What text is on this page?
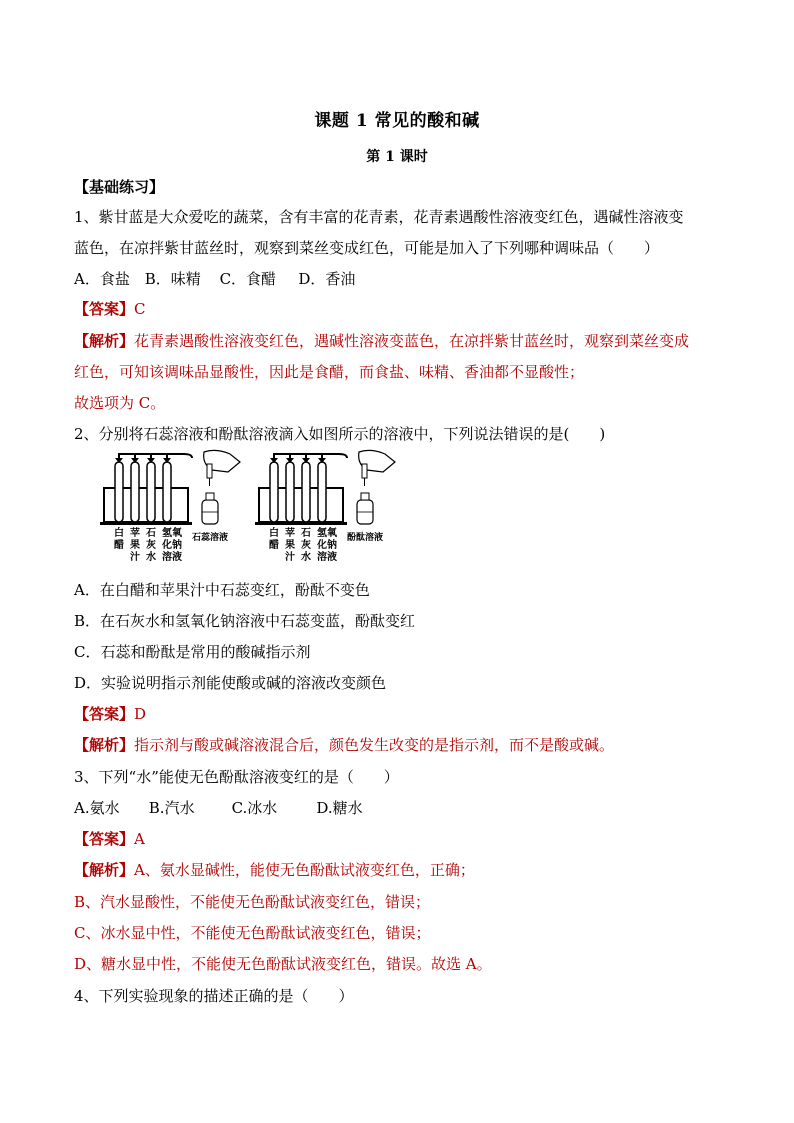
课题 1 常见的酸和碱
第 1 课时
【基础练习】
1、紫甘蓝是大众爱吃的蔬菜，含有丰富的花青素，花青素遇酸性溶液变红色，遇碱性溶液变
蓝色，在凉拌紫甘蓝丝时，观察到菜丝变成红色，可能是加入了下列哪种调味品（　　）
A．食盐 B．味精 C．食醋 D．香油
【答案】C
【解析】花青素遇酸性溶液变红色，遇碱性溶液变蓝色，在凉拌紫甘蓝丝时，观察到菜丝变成
红色，可知该调味品显酸性，因此是食醋，而食盐、味精、香油都不显酸性；
故选项为 C。
2、分别将石蕊溶液和酚酞溶液滴入如图所示的溶液中，下列说法错误的是(　　)
白醋
苹果汁
石灰水
氢氧化钠溶液
石蕊溶液	白醋
苹果汁
石灰水
氢氧化钠溶液
酚酞溶液
A．在白醋和苹果汁中石蕊变红，酚酞不变色
B．在石灰水和氢氧化钠溶液中石蕊变蓝，酚酞变红
C．石蕊和酚酞是常用的酸碱指示剂
D．实验说明指示剂能使酸或碱的溶液改变颜色
【答案】D
【解析】指示剂与酸或碱溶液混合后，颜色发生改变的是指示剂，而不是酸或碱。
3、下列“水”能使无色酚酞溶液变红的是（　　）
A.氨水 B.汽水 C.冰水	D.糖水
【答案】A
【解析】A、氨水显碱性，能使无色酚酞试液变红色，正确；
B、汽水显酸性，不能使无色酚酞试液变红色，错误；
C、冰水显中性，不能使无色酚酞试液变红色，错误；
D、糖水显中性，不能使无色酚酞试液变红色，错误。故选 A。
4、下列实验现象的描述正确的是（　　）
